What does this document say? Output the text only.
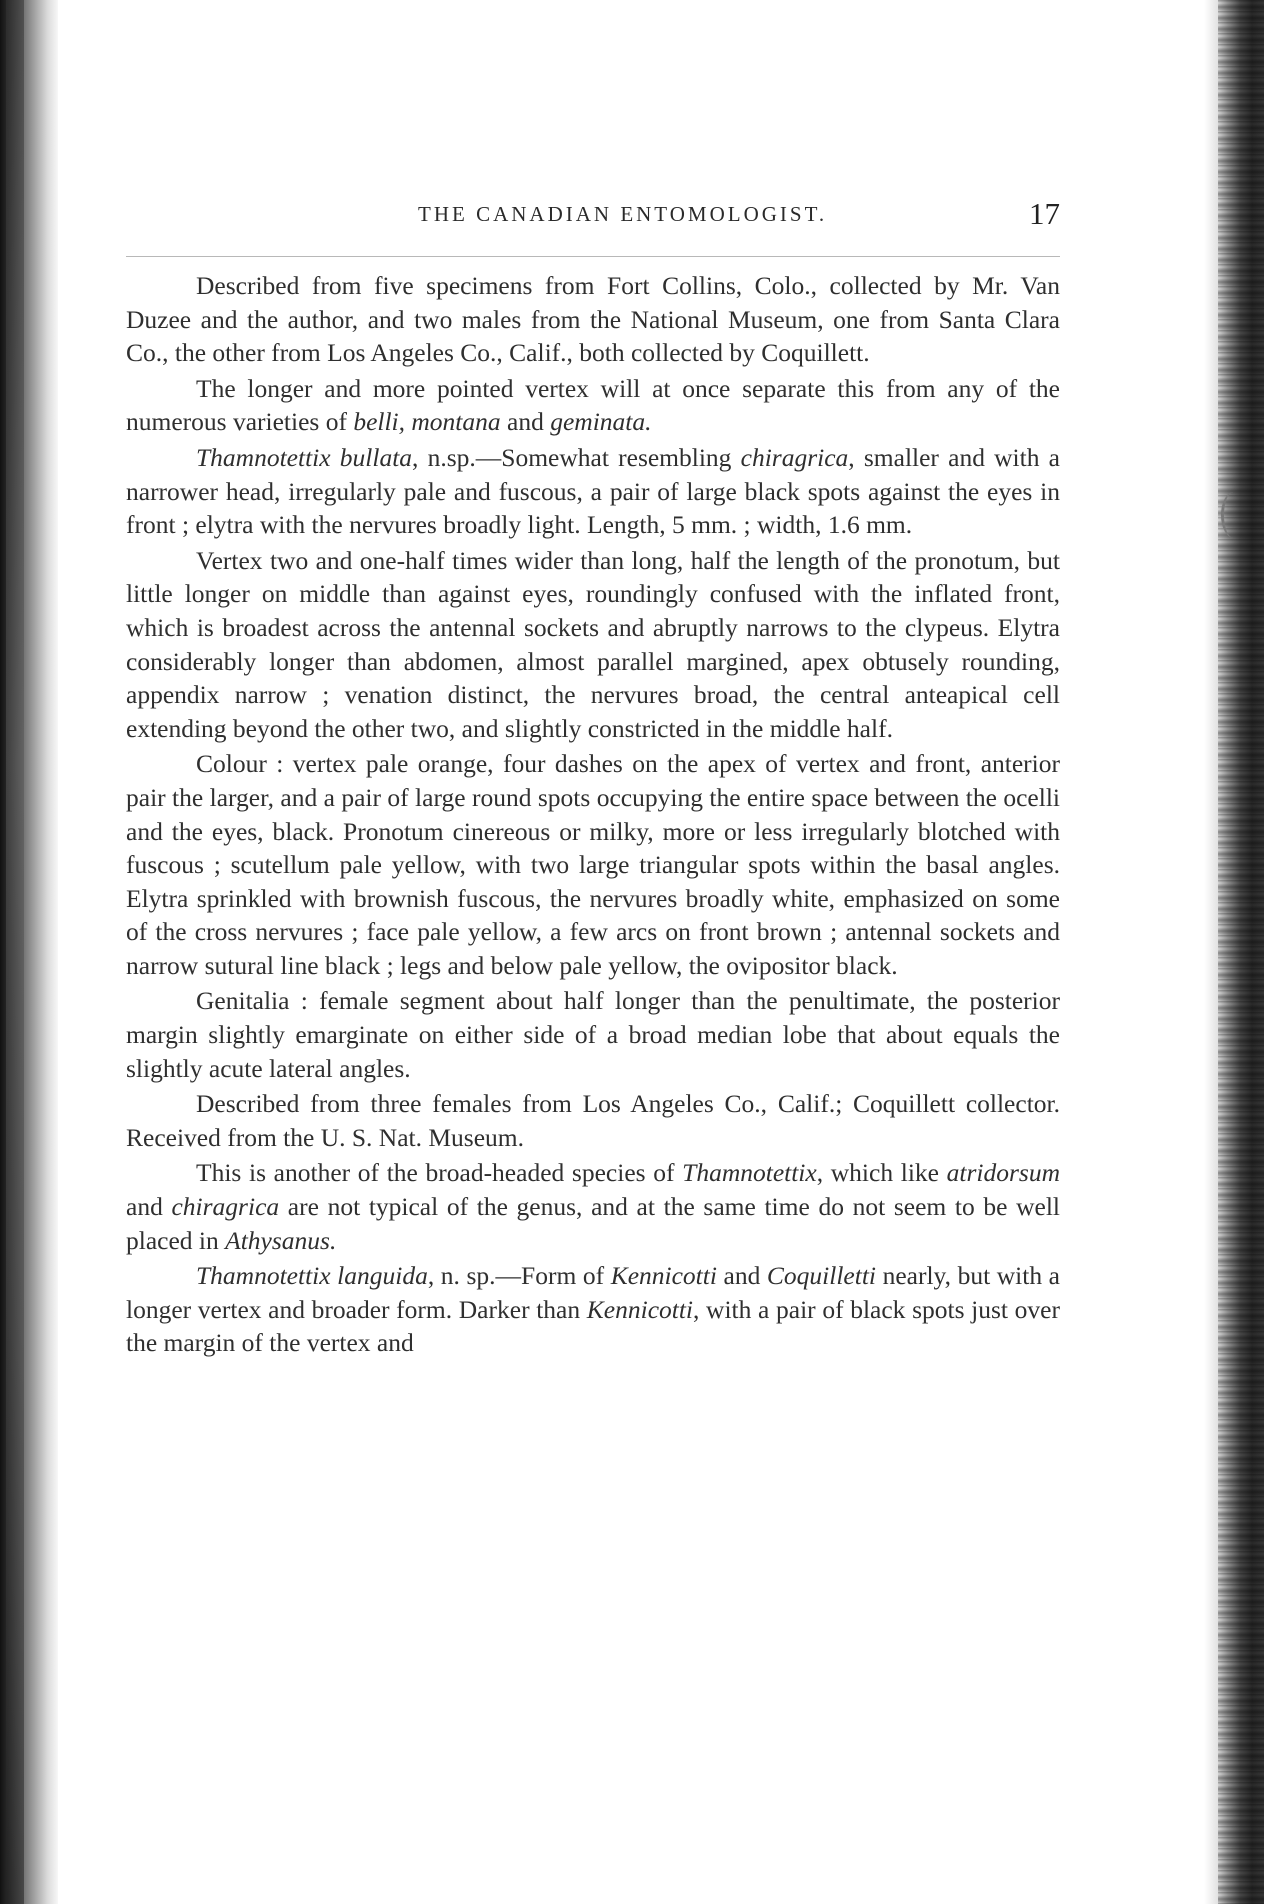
THE CANADIAN ENTOMOLOGIST.	17

Described from five specimens from Fort Collins, Colo., collected by Mr. Van Duzee and the author, and two males from the National Museum, one from Santa Clara Co., the other from Los Angeles Co., Calif., both collected by Coquillett.

The longer and more pointed vertex will at once separate this from any of the numerous varieties of belli, montana and geminata.

Thamnotettix bullata, n.sp.—Somewhat resembling chiragrica, smaller and with a narrower head, irregularly pale and fuscous, a pair of large black spots against the eyes in front ; elytra with the nervures broadly light. Length, 5 mm. ; width, 1.6 mm.

Vertex two and one-half times wider than long, half the length of the pronotum, but little longer on middle than against eyes, roundingly confused with the inflated front, which is broadest across the antennal sockets and abruptly narrows to the clypeus. Elytra considerably longer than abdomen, almost parallel margined, apex obtusely rounding, appendix narrow ; venation distinct, the nervures broad, the central anteapical cell extending beyond the other two, and slightly constricted in the middle half.

Colour : vertex pale orange, four dashes on the apex of vertex and front, anterior pair the larger, and a pair of large round spots occupying the entire space between the ocelli and the eyes, black. Pronotum cinereous or milky, more or less irregularly blotched with fuscous ; scutellum pale yellow, with two large triangular spots within the basal angles. Elytra sprinkled with brownish fuscous, the nervures broadly white, emphasized on some of the cross nervures ; face pale yellow, a few arcs on front brown ; antennal sockets and narrow sutural line black ; legs and below pale yellow, the ovipositor black.

Genitalia : female segment about half longer than the penultimate, the posterior margin slightly emarginate on either side of a broad median lobe that about equals the slightly acute lateral angles.

Described from three females from Los Angeles Co., Calif.; Coquillett collector. Received from the U. S. Nat. Museum.

This is another of the broad-headed species of Thamnotettix, which like atridorsum and chiragrica are not typical of the genus, and at the same time do not seem to be well placed in Athysanus.

Thamnotettix languida, n. sp.—Form of Kennicotti and Coquilletti nearly, but with a longer vertex and broader form. Darker than Kennicotti, with a pair of black spots just over the margin of the vertex and
